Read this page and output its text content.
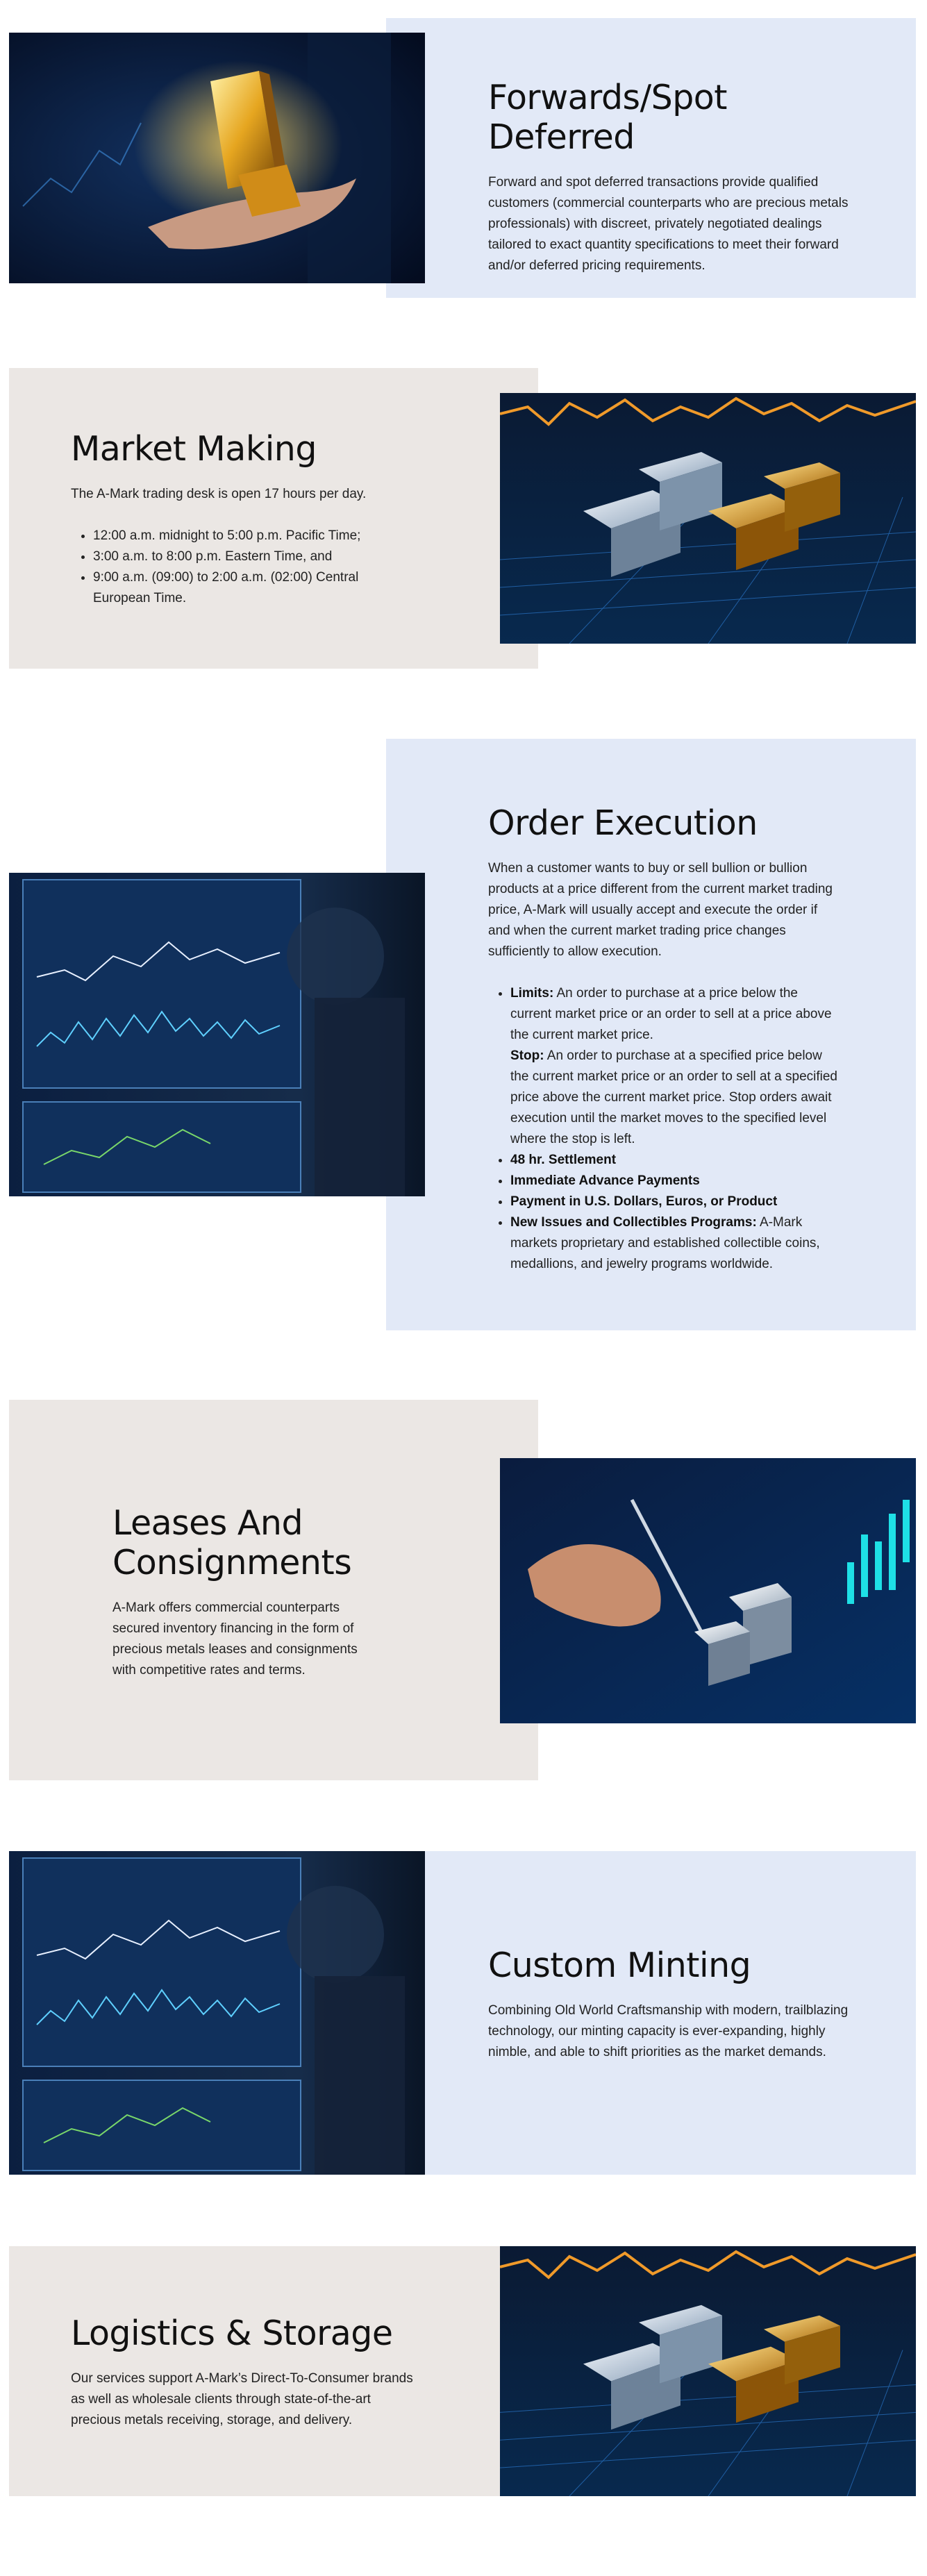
Forwards/Spot Deferred

Forward and spot deferred transactions provide qualified customers (commercial counterparts who are precious metals professionals) with discreet, privately negotiated dealings tailored to exact quantity specifications to meet their forward and/or deferred pricing requirements.

Market Making

The A-Mark trading desk is open 17 hours per day.

• 12:00 a.m. midnight to 5:00 p.m. Pacific Time;
• 3:00 a.m. to 8:00 p.m. Eastern Time, and
• 9:00 a.m. (09:00) to 2:00 a.m. (02:00) Central European Time.
Order Execution

When a customer wants to buy or sell bullion or bullion products at a price different from the current market trading price, A-Mark will usually accept and execute the order if and when the current market trading price changes sufficiently to allow execution.

• Limits: An order to purchase at a price below the current market price or an order to sell at a price above the current market price.
Stop: An order to purchase at a specified price below the current market price or an order to sell at a specified price above the current market price. Stop orders await execution until the market moves to the specified level where the stop is left.
• 48 hr. Settlement
• Immediate Advance Payments
• Payment in U.S. Dollars, Euros, or Product
• New Issues and Collectibles Programs: A-Mark markets proprietary and established collectible coins, medallions, and jewelry programs worldwide.
Leases And Consignments

A-Mark offers commercial counterparts secured inventory financing in the form of precious metals leases and consignments with competitive rates and terms.

Custom Minting

Combining Old World Craftsmanship with modern, trailblazing technology, our minting capacity is ever-expanding, highly nimble, and able to shift priorities as the market demands.

Logistics & Storage

Our services support A-Mark’s Direct-To-Consumer brands as well as wholesale clients through state-of-the-art precious metals receiving, storage, and delivery.
